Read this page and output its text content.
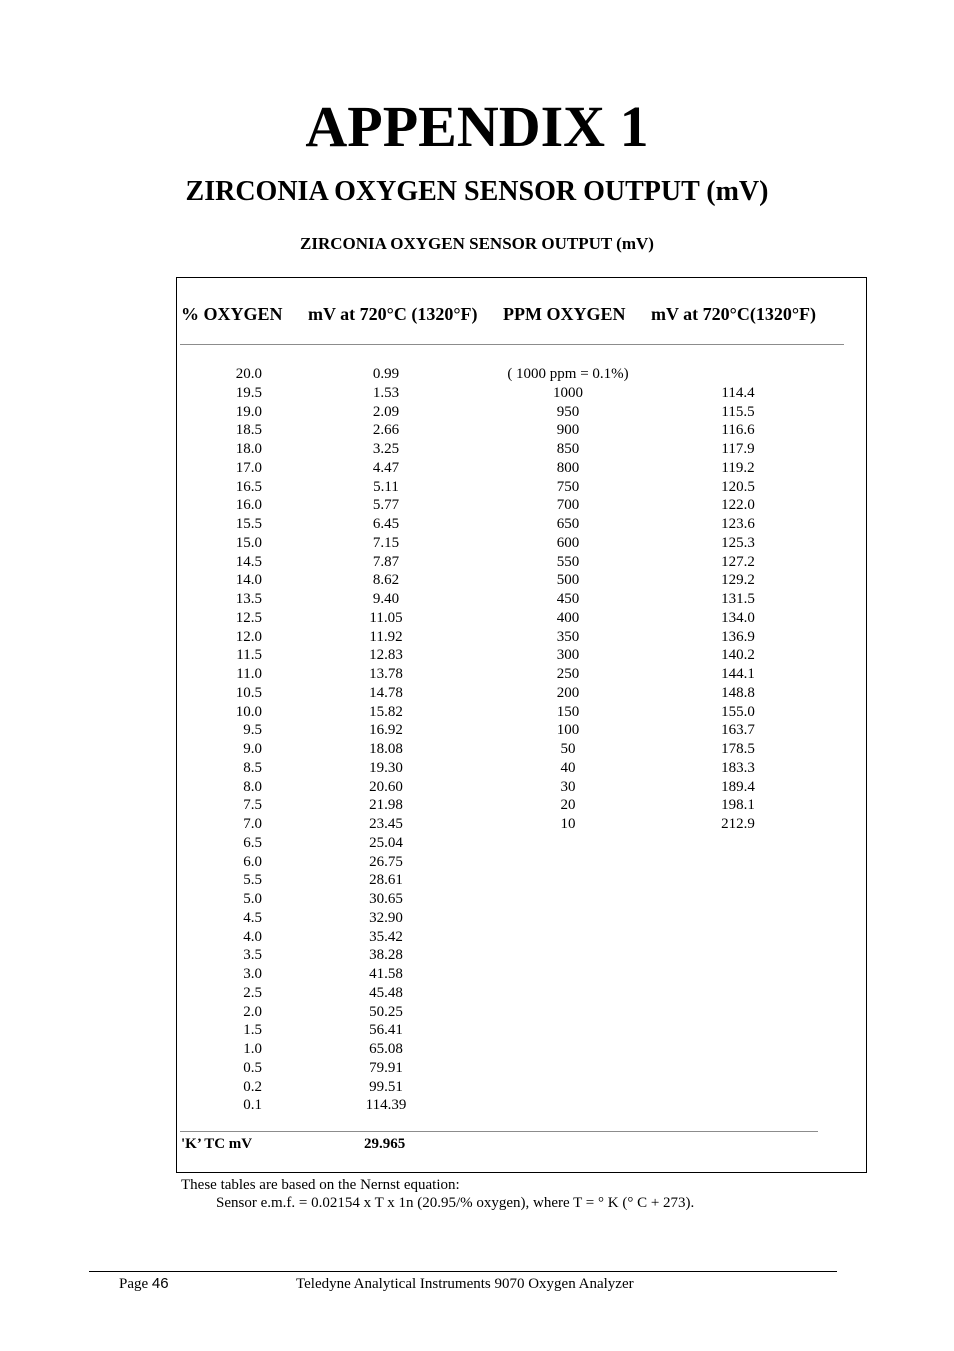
APPENDIX 1
ZIRCONIA OXYGEN SENSOR OUTPUT (mV)
ZIRCONIA OXYGEN SENSOR OUTPUT (mV)
% OXYGEN mV at 720°C (1320°F) PPM OXYGEN mV at 720°C(1320°F)
20.0
19.5
19.0
18.5
18.0
17.0
16.5
16.0
15.5
15.0
14.5
14.0
13.5
12.5
12.0
11.5
11.0
10.5
10.0
9.5
9.0
8.5
8.0
7.5
7.0
6.5
6.0
5.5
5.0
4.5
4.0
3.5
3.0
2.5
2.0
1.5
1.0
0.5
0.2
0.1
0.99
1.53
2.09
2.66
3.25
4.47
5.11
5.77
6.45
7.15
7.87
8.62
9.40
11.05
11.92
12.83
13.78
14.78
15.82
16.92
18.08
19.30
20.60
21.98
23.45
25.04
26.75
28.61
30.65
32.90
35.42
38.28
41.58
45.48
50.25
56.41
65.08
79.91
99.51
114.39
( 1000 ppm = 0.1%)
1000
950
900
850
800
750
700
650
600
550
500
450
400
350
300
250
200
150
100
50
40
30
20
10
114.4
115.5
116.6
117.9
119.2
120.5
122.0
123.6
125.3
127.2
129.2
131.5
134.0
136.9
140.2
144.1
148.8
155.0
163.7
178.5
183.3
189.4
198.1
212.9
'K’ TC mV	29.965
These tables are based on the Nernst equation:
Sensor e.m.f. = 0.02154 x T x 1n (20.95/% oxygen), where T = ° K (° C + 273).
Page 46	Teledyne Analytical Instruments 9070 Oxygen Analyzer
